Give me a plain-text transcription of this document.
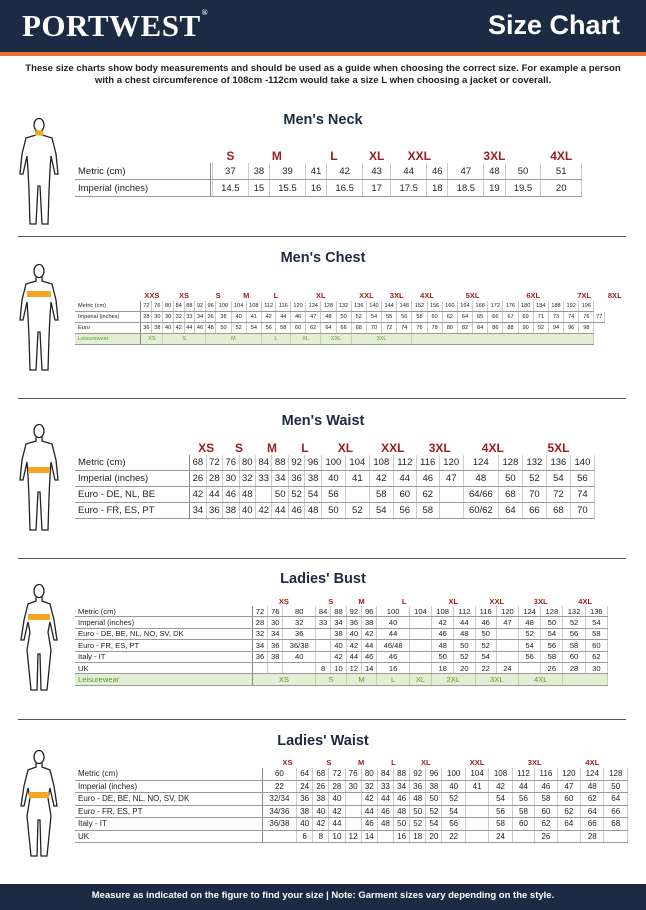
PORTWEST®	Size Chart
These size charts show body measurements and should be used as a guide when choosing the correct size. For example a person with a chest circumference of 108cm -112cm would take a size L when choosing a jacket or coverall.
Men's Neck
		S	M		L		XL	XXL		3XL			4XL
Metric (cm)		37	38	39	41	42	43	44	46	47	48	50	51
Imperial (inches)		14.5	15	15.5	16	16.5	17	17.5	18	18.5	19	19.5	20
Men's Chest
	XXS		XS				S		M		L		XL				XXL		3XL		4XL		5XL				6XL				7XL			8XL
Metric (cm)	72	76	80	84	88	92	96	100	104	108	112	116	120	124	128	132	136	140	144	148	152	156	160	164	168	172	176	180	184	188	192	196		
Imperial (inches)	28	30	30	32	33	34	36	38	40	41	42	44	46	47	48	50	52	54	55	56	58	60	62	64	65	66	67	69	71	73	74	76	77	
Euro	36	38	40	42	44	46	48	50	52	54	56	58	60	62	64	66	68	70	72	74	76	78	80	82	84	86	88	90	92	94	96	98		
Leisurewear	XS		S				M				L		XL		XXL		3XL																	
Men's Waist
	XS		S		M		L		XL		XXL		3XL		4XL		5XL		
Metric (cm)	68	72	76	80	84	88	92	96	100	104	108	112	116	120	124	128	132	136	140
Imperial (inches)	26	28	30	32	33	34	36	38	40	41	42	44	46	47	48	50	52	54	56
Euro - DE, NL, BE	42	44	46	48		50	52	54	56		58	60	62		64/66	68	70	72	74
Euro - FR, ES, PT	34	36	38	40	42	44	46	48	50	52	54	56	58		60/62	64	66	68	70
Ladies' Bust
	XS			S		M		L		XL		XXL		3XL		4XL	
Metric (cm)	72	76	80	84	88	92	96	100	104	108	112	116	120	124	128	132	136
Imperial (inches)	28	30	32	33	34	36	38	40		42	44	46	47	48	50	52	54
Euro - DE, BE, NL, NO, SV, DK	32	34	36		38	40	42	44		46	48	50		52	54	56	58
Euro - FR, ES, PT	34	36	36/38		40	42	44	46/48		48	50	52		54	56	58	60
Italy - IT	36	38	40		42	44	46	46		50	52	54		56	58	60	62
UK				8	10	12	14	16		18	20	22	24		26	28	30
Leisurewear	XS			S		M		L	XL	2XL		3XL		4XL			
Ladies' Waist
	XS		S		M		L		XL		XXL			3XL		4XL		
Metric (cm)	60	64	68	72	76	80	84	88	92	96	100	104	108	112	116	120	124	128
Imperial (inches)	22	24	26	28	30	32	33	34	36	38	40	41	42	44	46	47	48	50
Euro - DE, BE, NL, NO, SV, DK	32/34	36	38	40		42	44	46	48	50	52		54	56	58	60	62	64
Euro - FR, ES, PT	34/36	38	40	42		44	46	48	50	52	54		56	58	60	62	64	66
Italy - IT	36/38	40	42	44		46	48	50	52	54	56		58	60	62	64	66	68
UK		6	8	10	12	14		16	18	20	22		24		26		28	
Measure as indicated on the figure to find your size | Note: Garment sizes vary depending on the style.
